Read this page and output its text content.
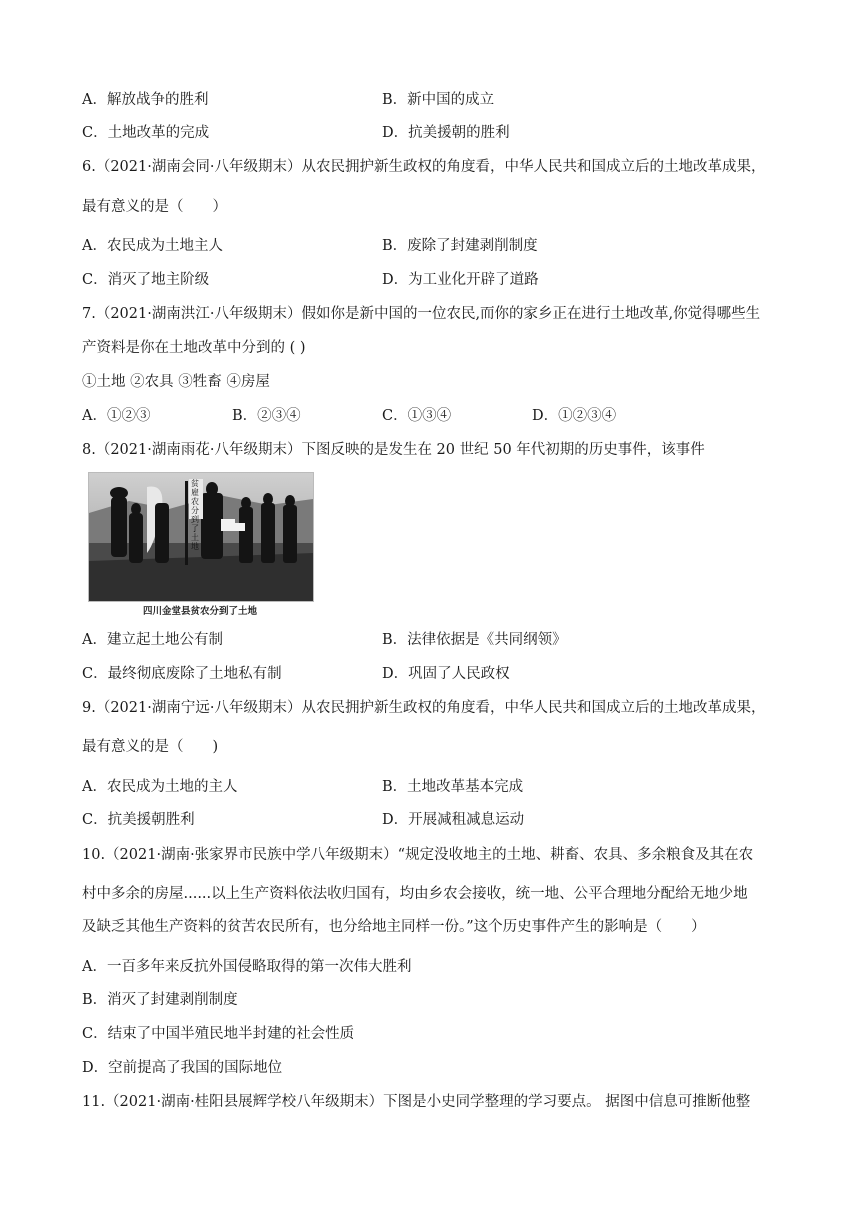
A．解放战争的胜利	B．新中国的成立
C．土地改革的完成	D．抗美援朝的胜利
6.（2021·湖南会同·八年级期末）从农民拥护新生政权的角度看，中华人民共和国成立后的土地改革成果，
最有意义的是（　　）
A．农民成为土地主人	B．废除了封建剥削制度
C．消灭了地主阶级	D．为工业化开辟了道路
7.（2021·湖南洪江·八年级期末）假如你是新中国的一位农民,而你的家乡正在进行土地改革,你觉得哪些生
产资料是你在土地改革中分到的 ( )
①土地 ②农具 ③牲畜 ④房屋
A．①②③	B．②③④	C．①③④	D．①②③④
8.（2021·湖南雨花·八年级期末）下图反映的是发生在 20 世纪 50 年代初期的历史事件，该事件
贫雇农分到了土地
四川金堂县贫农分到了土地
A．建立起土地公有制	B．法律依据是《共同纲领》
C．最终彻底废除了土地私有制	D．巩固了人民政权
9.（2021·湖南宁远·八年级期末）从农民拥护新生政权的角度看，中华人民共和国成立后的土地改革成果，
最有意义的是（　　)
A．农民成为土地的主人	B．土地改革基本完成
C．抗美援朝胜利	D．开展减租减息运动
10.（2021·湖南·张家界市民族中学八年级期末）“规定没收地主的土地、耕畜、农具、多余粮食及其在农
村中多余的房屋......以上生产资料依法收归国有，均由乡农会接收，统一地、公平合理地分配给无地少地
及缺乏其他生产资料的贫苦农民所有，也分给地主同样一份。”这个历史事件产生的影响是（　　）
A．一百多年来反抗外国侵略取得的第一次伟大胜利
B．消灭了封建剥削制度
C．结束了中国半殖民地半封建的社会性质
D．空前提高了我国的国际地位
11.（2021·湖南·桂阳县展辉学校八年级期末）下图是小史同学整理的学习要点。 据图中信息可推断他整
